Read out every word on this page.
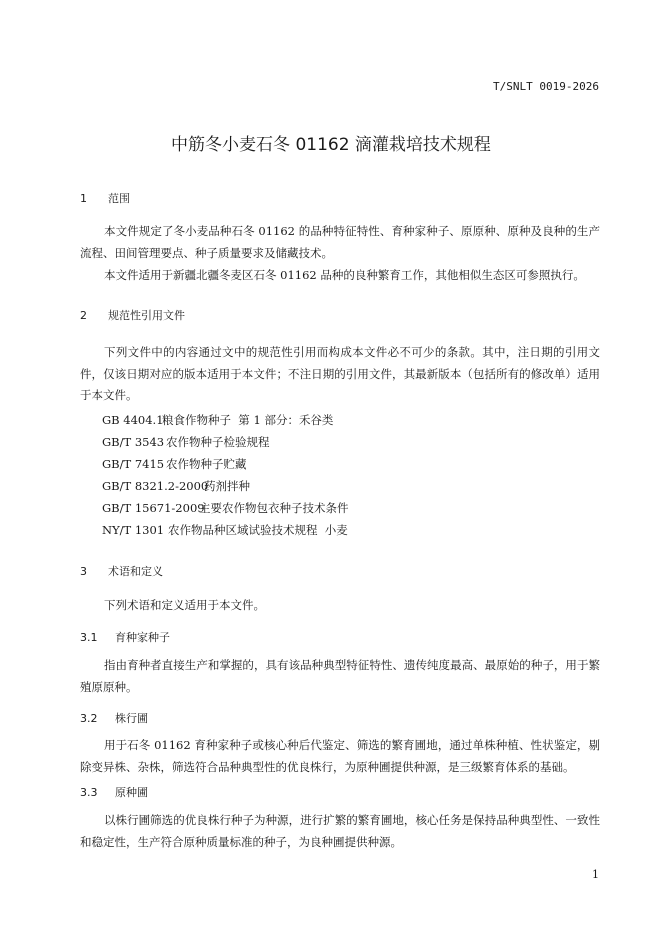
T/SNLT 0019-2026
中筋冬小麦石冬 01162 滴灌栽培技术规程
1 范围
本文件规定了冬小麦品种石冬 01162 的品种特征特性、育种家种子、原原种、原种及良种的生产流程、田间管理要点、种子质量要求及储藏技术。
本文件适用于新疆北疆冬麦区石冬 01162 品种的良种繁育工作，其他相似生态区可参照执行。
2 规范性引用文件
下列文件中的内容通过文中的规范性引用而构成本文件必不可少的条款。其中，注日期的引用文件，仅该日期对应的版本适用于本文件；不注日期的引用文件，其最新版本（包括所有的修改单）适用于本文件。
GB 4404.1粮食作物种子  第 1 部分：禾谷类
GB/T 3543 农作物种子检验规程
GB/T 7415 农作物种子贮藏
GB/T 8321.2-2000药剂拌种
GB/T 15671-2009主要农作物包衣种子技术条件
NY/T 1301 农作物品种区域试验技术规程  小麦
3 术语和定义
下列术语和定义适用于本文件。
3.1 育种家种子
指由育种者直接生产和掌握的，具有该品种典型特征特性、遗传纯度最高、最原始的种子，用于繁殖原原种。
3.2 株行圃
用于石冬 01162 育种家种子或核心种后代鉴定、筛选的繁育圃地，通过单株种植、性状鉴定，剔除变异株、杂株，筛选符合品种典型性的优良株行，为原种圃提供种源，是三级繁育体系的基础。
3.3 原种圃
以株行圃筛选的优良株行种子为种源，进行扩繁的繁育圃地，核心任务是保持品种典型性、一致性和稳定性，生产符合原种质量标准的种子，为良种圃提供种源。
1
